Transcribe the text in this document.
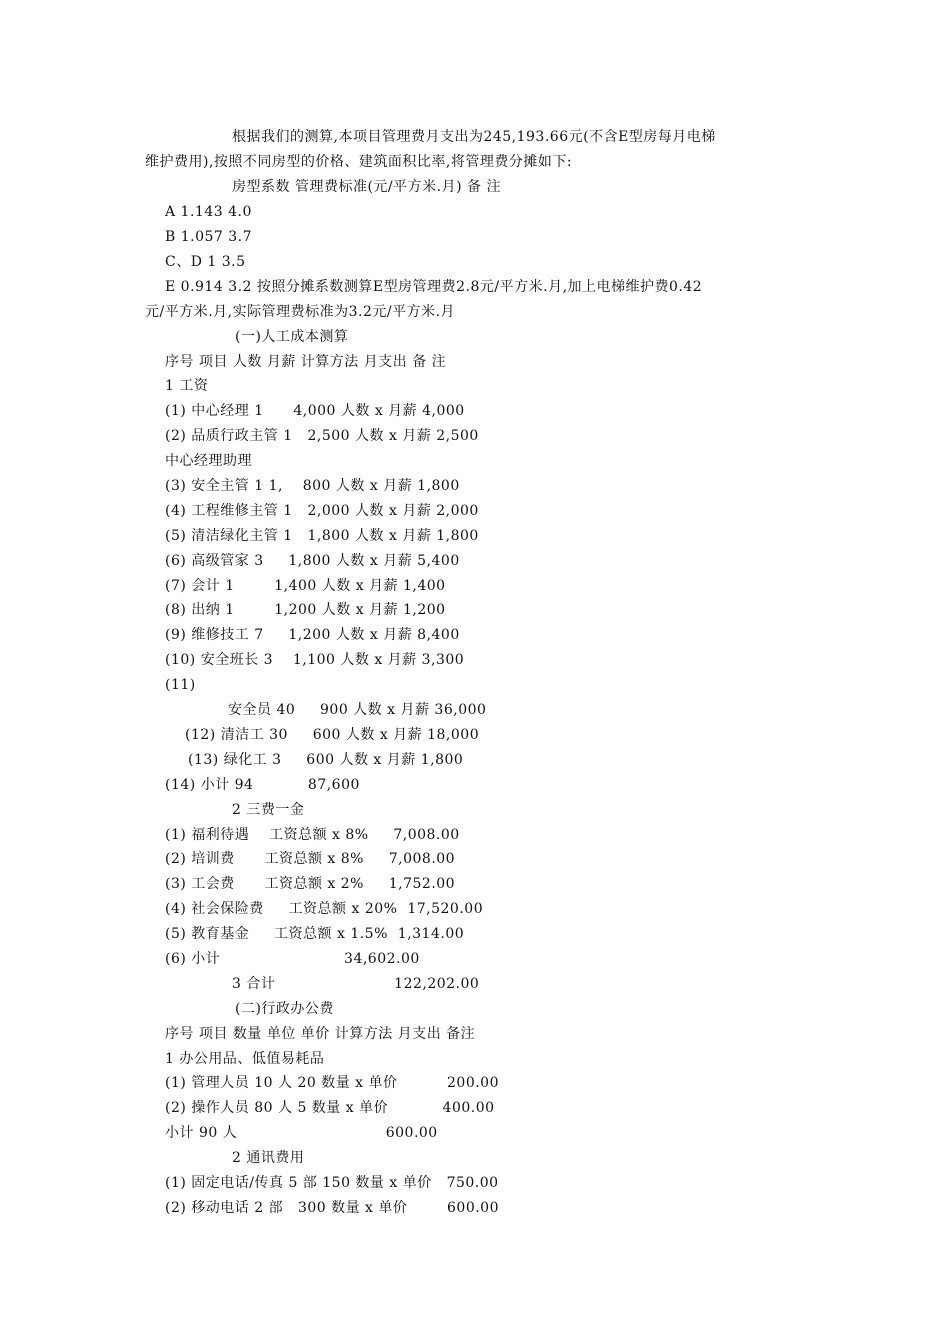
根据我们的测算,本项目管理费月支出为245,193.66元(不含E型房每月电梯
维护费用),按照不同房型的价格、建筑面积比率,将管理费分摊如下:
房型系数 管理费标准(元/平方米.月) 备 注
A 1.143 4.0
B 1.057 3.7
C、D 1 3.5
E 0.914 3.2 按照分摊系数测算E型房管理费2.8元/平方米.月,加上电梯维护费0.42
元/平方米.月,实际管理费标准为3.2元/平方米.月
(一)人工成本测算
序号 项目 人数 月薪 计算方法 月支出 备 注
1 工资
(1) 中心经理 1      4,000 人数 x 月薪 4,000
(2) 品质行政主管 1   2,500 人数 x 月薪 2,500
中心经理助理
(3) 安全主管 1 1,    800 人数 x 月薪 1,800
(4) 工程维修主管 1   2,000 人数 x 月薪 2,000
(5) 清洁绿化主管 1   1,800 人数 x 月薪 1,800
(6) 高级管家 3     1,800 人数 x 月薪 5,400
(7) 会计 1        1,400 人数 x 月薪 1,400
(8) 出纳 1        1,200 人数 x 月薪 1,200
(9) 维修技工 7     1,200 人数 x 月薪 8,400
(10) 安全班长 3    1,100 人数 x 月薪 3,300
(11)
安全员 40     900 人数 x 月薪 36,000
(12) 清洁工 30     600 人数 x 月薪 18,000
(13) 绿化工 3     600 人数 x 月薪 1,800
(14) 小计 94           87,600
2 三费一金
(1) 福利待遇    工资总额 x 8%     7,008.00
(2) 培训费      工资总额 x 8%     7,008.00
(3) 工会费      工资总额 x 2%     1,752.00
(4) 社会保险费     工资总额 x 20%  17,520.00
(5) 教育基金     工资总额 x 1.5%  1,314.00
(6) 小计                         34,602.00
3 合计                        122,202.00
(二)行政办公费
序号 项目 数量 单位 单价 计算方法 月支出 备注
1 办公用品、低值易耗品
(1) 管理人员 10 人 20 数量 x 单价          200.00
(2) 操作人员 80 人 5 数量 x 单价           400.00
小计 90 人                              600.00
2 通讯费用
(1) 固定电话/传真 5 部 150 数量 x 单价   750.00
(2) 移动电话 2 部   300 数量 x 单价        600.00
